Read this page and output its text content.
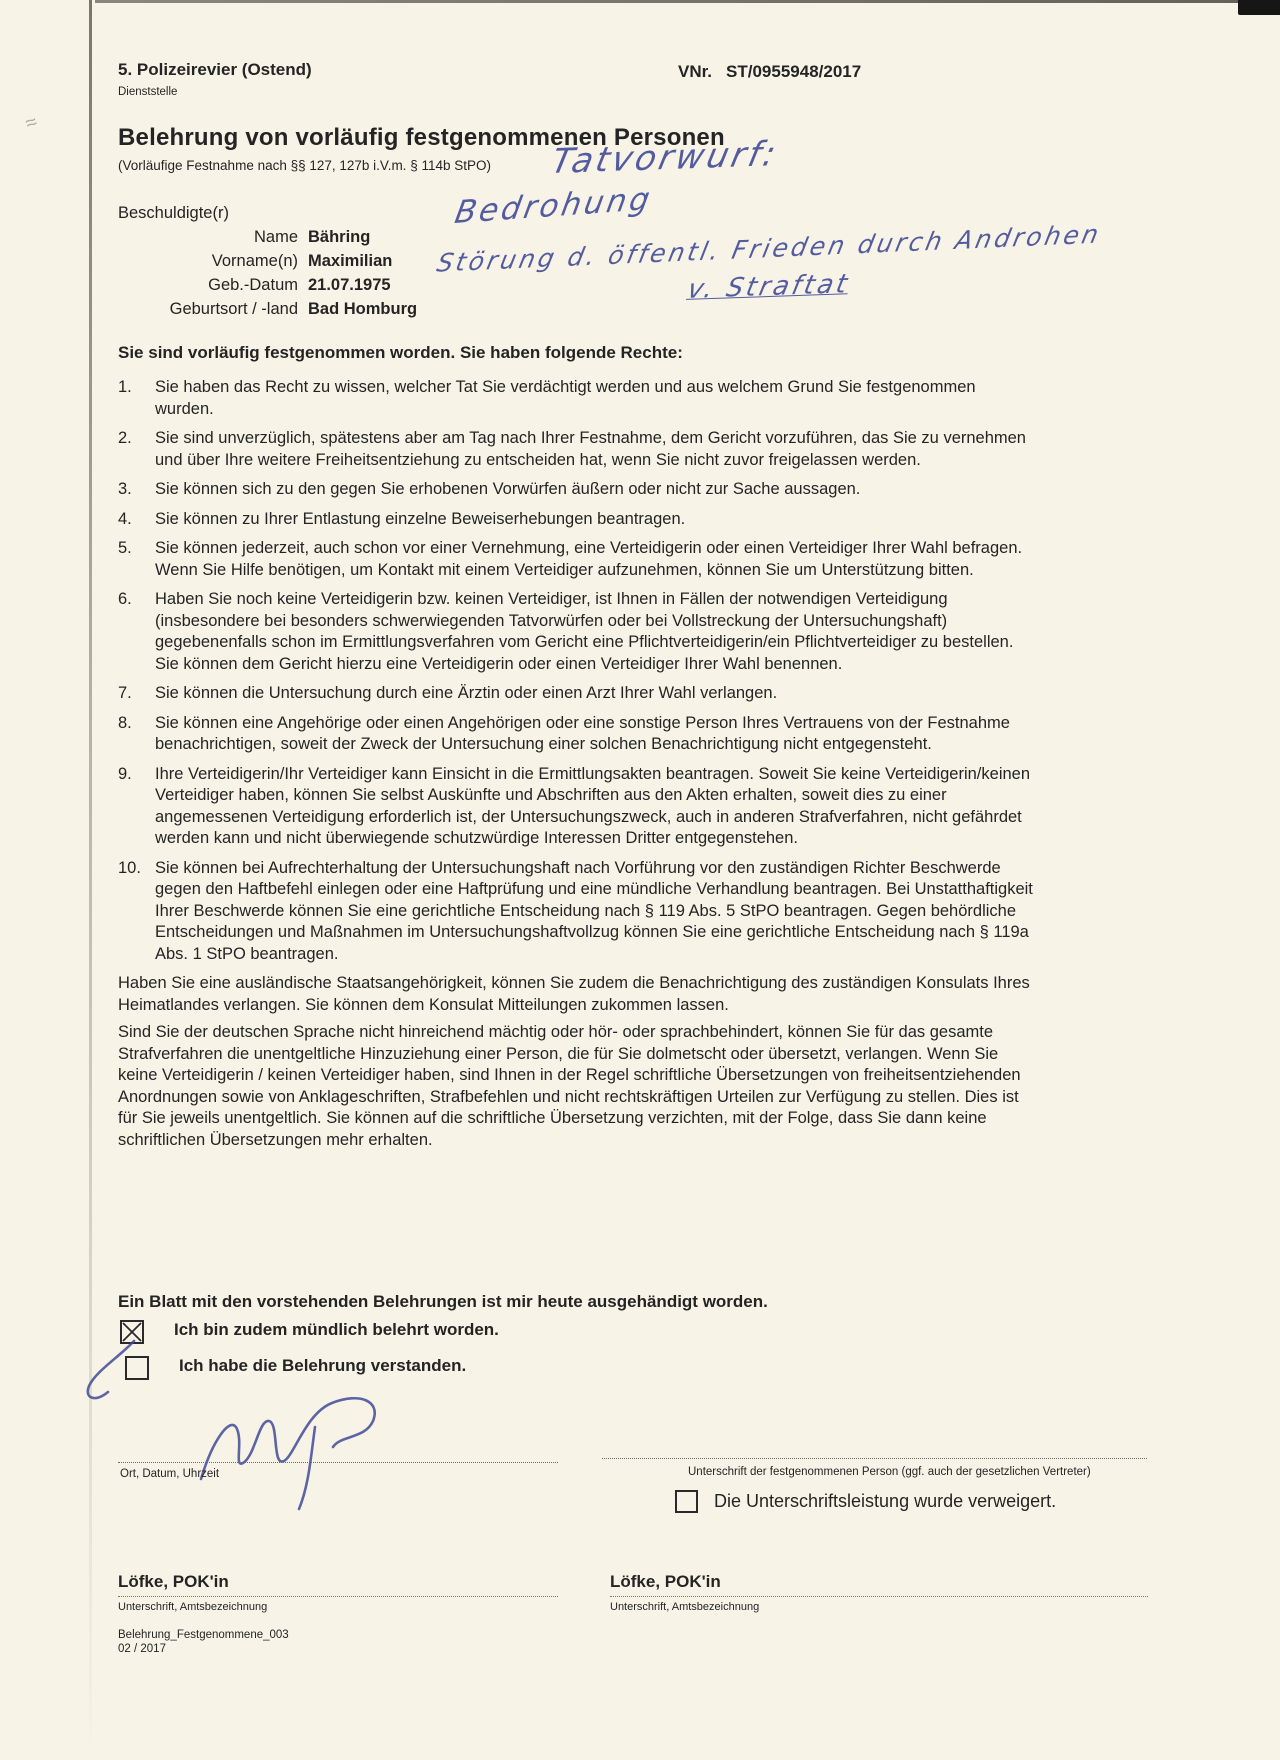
≈
5. Polizeirevier (Ostend)
Dienststelle
VNr. ST/0955948/2017
Belehrung von vorläufig festgenommenen Personen
(Vorläufige Festnahme nach §§ 127, 127b i.V.m. § 114b StPO) Tatvorwurf:
Bedrohung
Störung d. öffentl. Frieden durch Androhen
v. Straftat
Beschuldigte(r)
Name Bähring
Vorname(n) Maximilian
Geb.-Datum 21.07.1975
Geburtsort / -land Bad Homburg
Sie sind vorläufig festgenommen worden. Sie haben folgende Rechte:
1.	Sie haben das Recht zu wissen, welcher Tat Sie verdächtigt werden und aus welchem Grund Sie festgenommen wurden.
2.	Sie sind unverzüglich, spätestens aber am Tag nach Ihrer Festnahme, dem Gericht vorzuführen, das Sie zu vernehmen und über Ihre weitere Freiheitsentziehung zu entscheiden hat, wenn Sie nicht zuvor freigelassen werden.
3.	Sie können sich zu den gegen Sie erhobenen Vorwürfen äußern oder nicht zur Sache aussagen.
4.	Sie können zu Ihrer Entlastung einzelne Beweiserhebungen beantragen.
5.	Sie können jederzeit, auch schon vor einer Vernehmung, eine Verteidigerin oder einen Verteidiger Ihrer Wahl befragen. Wenn Sie Hilfe benötigen, um Kontakt mit einem Verteidiger aufzunehmen, können Sie um Unterstützung bitten.
6.	Haben Sie noch keine Verteidigerin bzw. keinen Verteidiger, ist Ihnen in Fällen der notwendigen Verteidigung (insbesondere bei besonders schwerwiegenden Tatvorwürfen oder bei Vollstreckung der Untersuchungshaft) gegebenenfalls schon im Ermittlungsverfahren vom Gericht eine Pflichtverteidigerin/ein Pflichtverteidiger zu bestellen. Sie können dem Gericht hierzu eine Verteidigerin oder einen Verteidiger Ihrer Wahl benennen.
7.	Sie können die Untersuchung durch eine Ärztin oder einen Arzt Ihrer Wahl verlangen.
8.	Sie können eine Angehörige oder einen Angehörigen oder eine sonstige Person Ihres Vertrauens von der Festnahme benachrichtigen, soweit der Zweck der Untersuchung einer solchen Benachrichtigung nicht entgegensteht.
9.	Ihre Verteidigerin/Ihr Verteidiger kann Einsicht in die Ermittlungsakten beantragen. Soweit Sie keine Verteidigerin/keinen Verteidiger haben, können Sie selbst Auskünfte und Abschriften aus den Akten erhalten, soweit dies zu einer angemessenen Verteidigung erforderlich ist, der Untersuchungszweck, auch in anderen Strafverfahren, nicht gefährdet werden kann und nicht überwiegende schutzwürdige Interessen Dritter entgegenstehen.
10. Sie können bei Aufrechterhaltung der Untersuchungshaft nach Vorführung vor den zuständigen Richter Beschwerde gegen den Haftbefehl einlegen oder eine Haftprüfung und eine mündliche Verhandlung beantragen. Bei Unstatthaftigkeit Ihrer Beschwerde können Sie eine gerichtliche Entscheidung nach § 119 Abs. 5 StPO beantragen. Gegen behördliche Entscheidungen und Maßnahmen im Untersuchungshaftvollzug können Sie eine gerichtliche Entscheidung nach § 119a Abs. 1 StPO beantragen.
Haben Sie eine ausländische Staatsangehörigkeit, können Sie zudem die Benachrichtigung des zuständigen Konsulats Ihres Heimatlandes verlangen. Sie können dem Konsulat Mitteilungen zukommen lassen.
Sind Sie der deutschen Sprache nicht hinreichend mächtig oder hör- oder sprachbehindert, können Sie für das gesamte Strafverfahren die unentgeltliche Hinzuziehung einer Person, die für Sie dolmetscht oder übersetzt, verlangen. Wenn Sie keine Verteidigerin / keinen Verteidiger haben, sind Ihnen in der Regel schriftliche Übersetzungen von freiheitsentziehenden Anordnungen sowie von Anklageschriften, Strafbefehlen und nicht rechtskräftigen Urteilen zur Verfügung zu stellen. Dies ist für Sie jeweils unentgeltlich. Sie können auf die schriftliche Übersetzung verzichten, mit der Folge, dass Sie dann keine schriftlichen Übersetzungen mehr erhalten.
Ein Blatt mit den vorstehenden Belehrungen ist mir heute ausgehändigt worden.
Ich bin zudem mündlich belehrt worden.
Ich habe die Belehrung verstanden.
Ort, Datum, Uhrzeit	Unterschrift der festgenommenen Person (ggf. auch der gesetzlichen Vertreter)
Die Unterschriftsleistung wurde verweigert.
Löfke, POK'in
Unterschrift, Amtsbezeichnung
Löfke, POK'in
Unterschrift, Amtsbezeichnung
Belehrung_Festgenommene_003
02 / 2017
